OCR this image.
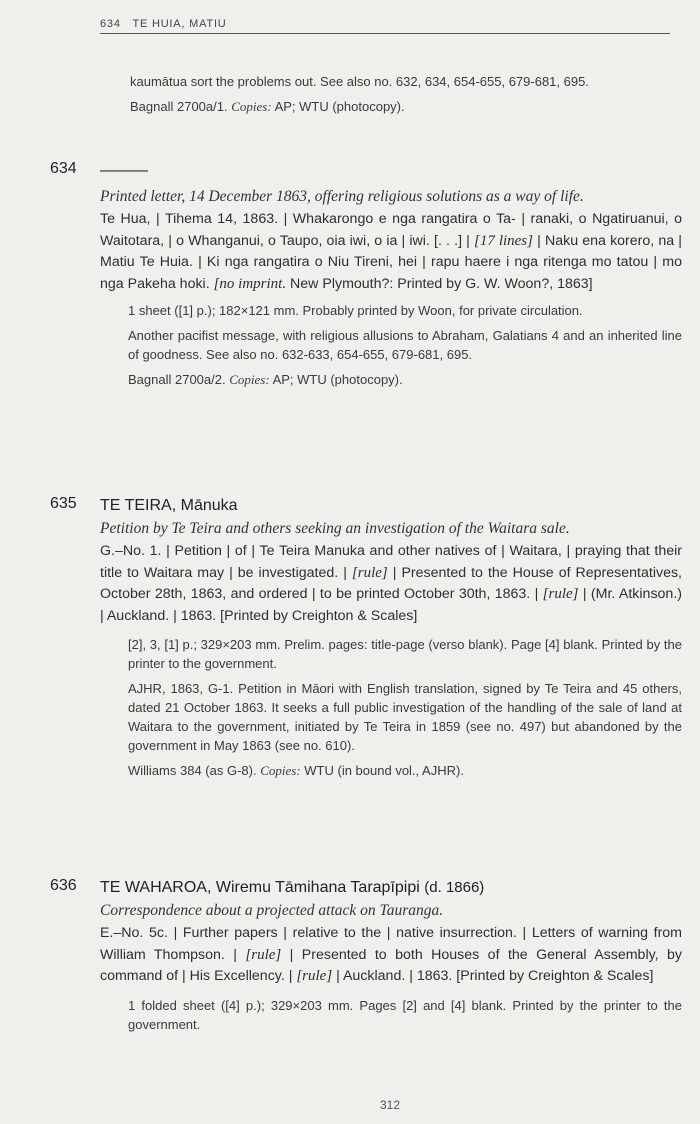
634 TE HUIA, MATIU

kaumātua sort the problems out. See also no. 632, 634, 654-655, 679-681, 695.

Bagnall 2700a/1. Copies: AP; WTU (photocopy).

634 ———
Printed letter, 14 December 1863, offering religious solutions as a way of life.
Te Hua, | Tihema 14, 1863. | Whakarongo e nga rangatira o Ta- | ranaki, o Ngatiruanui, o Waitotara, | o Whanganui, o Taupo, oia iwi, o ia | iwi. [. . .] | [17 lines] | Naku ena korero, na | Matiu Te Huia. | Ki nga rangatira o Niu Tireni, hei | rapu haere i nga ritenga mo tatou | mo nga Pakeha hoki. [no imprint. New Plymouth?: Printed by G. W. Woon?, 1863]

1 sheet ([1] p.); 182×121 mm. Probably printed by Woon, for private circulation.

Another pacifist message, with religious allusions to Abraham, Galatians 4 and an inherited line of goodness. See also no. 632-633, 654-655, 679-681, 695.

Bagnall 2700a/2. Copies: AP; WTU (photocopy).

635 TE TEIRA, Mānuka
Petition by Te Teira and others seeking an investigation of the Waitara sale.
G.–No. 1. | Petition | of | Te Teira Manuka and other natives of | Waitara, | praying that their title to Waitara may | be investigated. | [rule] | Presented to the House of Representatives, October 28th, 1863, and ordered | to be printed October 30th, 1863. | [rule] | (Mr. Atkinson.) | Auckland. | 1863. [Printed by Creighton & Scales]

[2], 3, [1] p.; 329×203 mm. Prelim. pages: title-page (verso blank). Page [4] blank. Printed by the printer to the government.

AJHR, 1863, G-1. Petition in Māori with English translation, signed by Te Teira and 45 others, dated 21 October 1863. It seeks a full public investigation of the handling of the sale of land at Waitara to the government, initiated by Te Teira in 1859 (see no. 497) but abandoned by the government in May 1863 (see no. 610).

Williams 384 (as G-8). Copies: WTU (in bound vol., AJHR).

636 TE WAHAROA, Wiremu Tāmihana Tarapīpipi (d. 1866)
Correspondence about a projected attack on Tauranga.
E.–No. 5c. | Further papers | relative to the | native insurrection. | Letters of warning from William Thompson. | [rule] | Presented to both Houses of the General Assembly, by command of | His Excellency. | [rule] | Auckland. | 1863. [Printed by Creighton & Scales]

1 folded sheet ([4] p.); 329×203 mm. Pages [2] and [4] blank. Printed by the printer to the government.

312
